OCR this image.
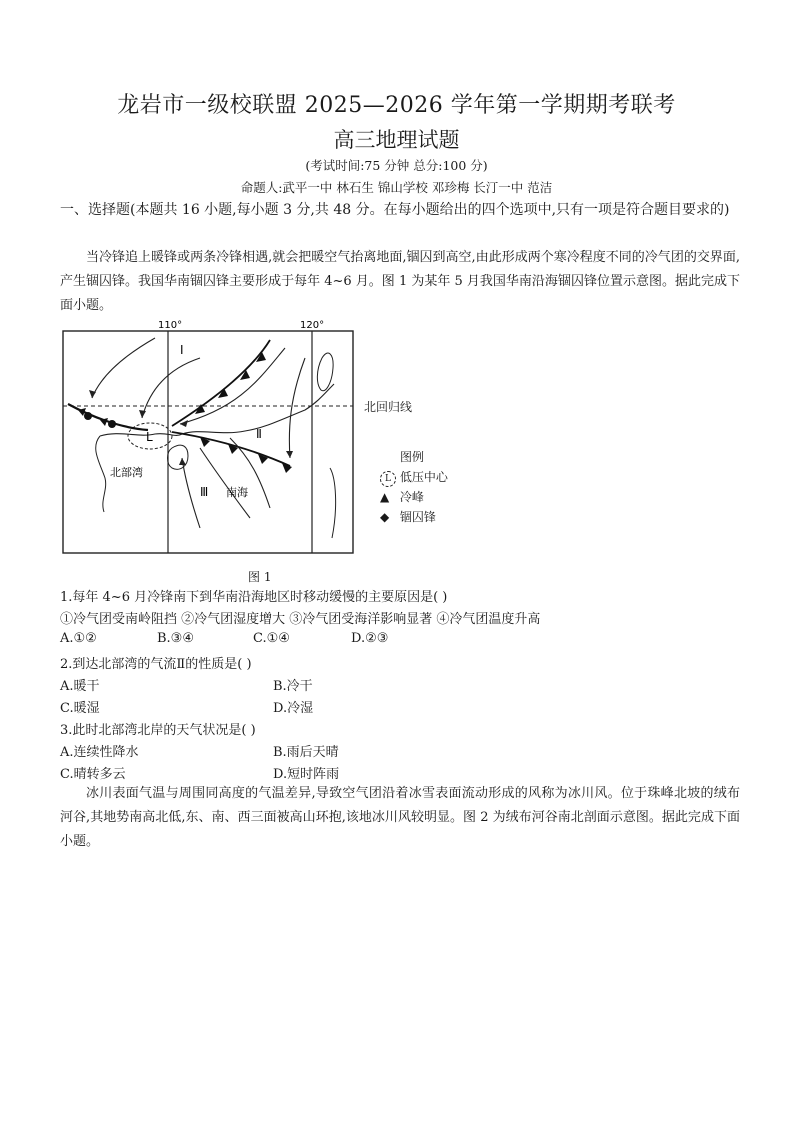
龙岩市一级校联盟 2025—2026 学年第一学期期考联考
高三地理试题
(考试时间:75 分钟 总分:100 分)
命题人:武平一中 林石生 锦山学校 邓珍梅 长汀一中 范洁
一、选择题(本题共 16 小题,每小题 3 分,共 48 分。在每小题给出的四个选项中,只有一项是符合题目要求的)
当冷锋追上暖锋或两条冷锋相遇,就会把暖空气抬离地面,锢囚到高空,由此形成两个寒冷程度不同的冷气团的交界面,产生锢囚锋。我国华南锢囚锋主要形成于每年 4~6 月。图 1 为某年 5 月我国华南沿海锢囚锋位置示意图。据此完成下面小题。
110°	120°
L
Ⅰ
Ⅱ
Ⅲ
北部湾
南海
北回归线
图例
L 低压中心
▲ 冷峰
◆ 锢囚锋
图 1
1.每年 4~6 月冷锋南下到华南沿海地区时移动缓慢的主要原因是( )
①冷气团受南岭阻挡 ②冷气团湿度增大 ③冷气团受海洋影响显著 ④冷气团温度升高
A.①②	B.③④	C.①④	D.②③
2.到达北部湾的气流Ⅱ的性质是( )
A.暖干	B.冷干
C.暖湿	D.冷湿
3.此时北部湾北岸的天气状况是( )
A.连续性降水	B.雨后天晴
C.晴转多云	D.短时阵雨
冰川表面气温与周围同高度的气温差异,导致空气团沿着冰雪表面流动形成的风称为冰川风。位于珠峰北坡的绒布河谷,其地势南高北低,东、南、西三面被高山环抱,该地冰川风较明显。图 2 为绒布河谷南北剖面示意图。据此完成下面小题。
